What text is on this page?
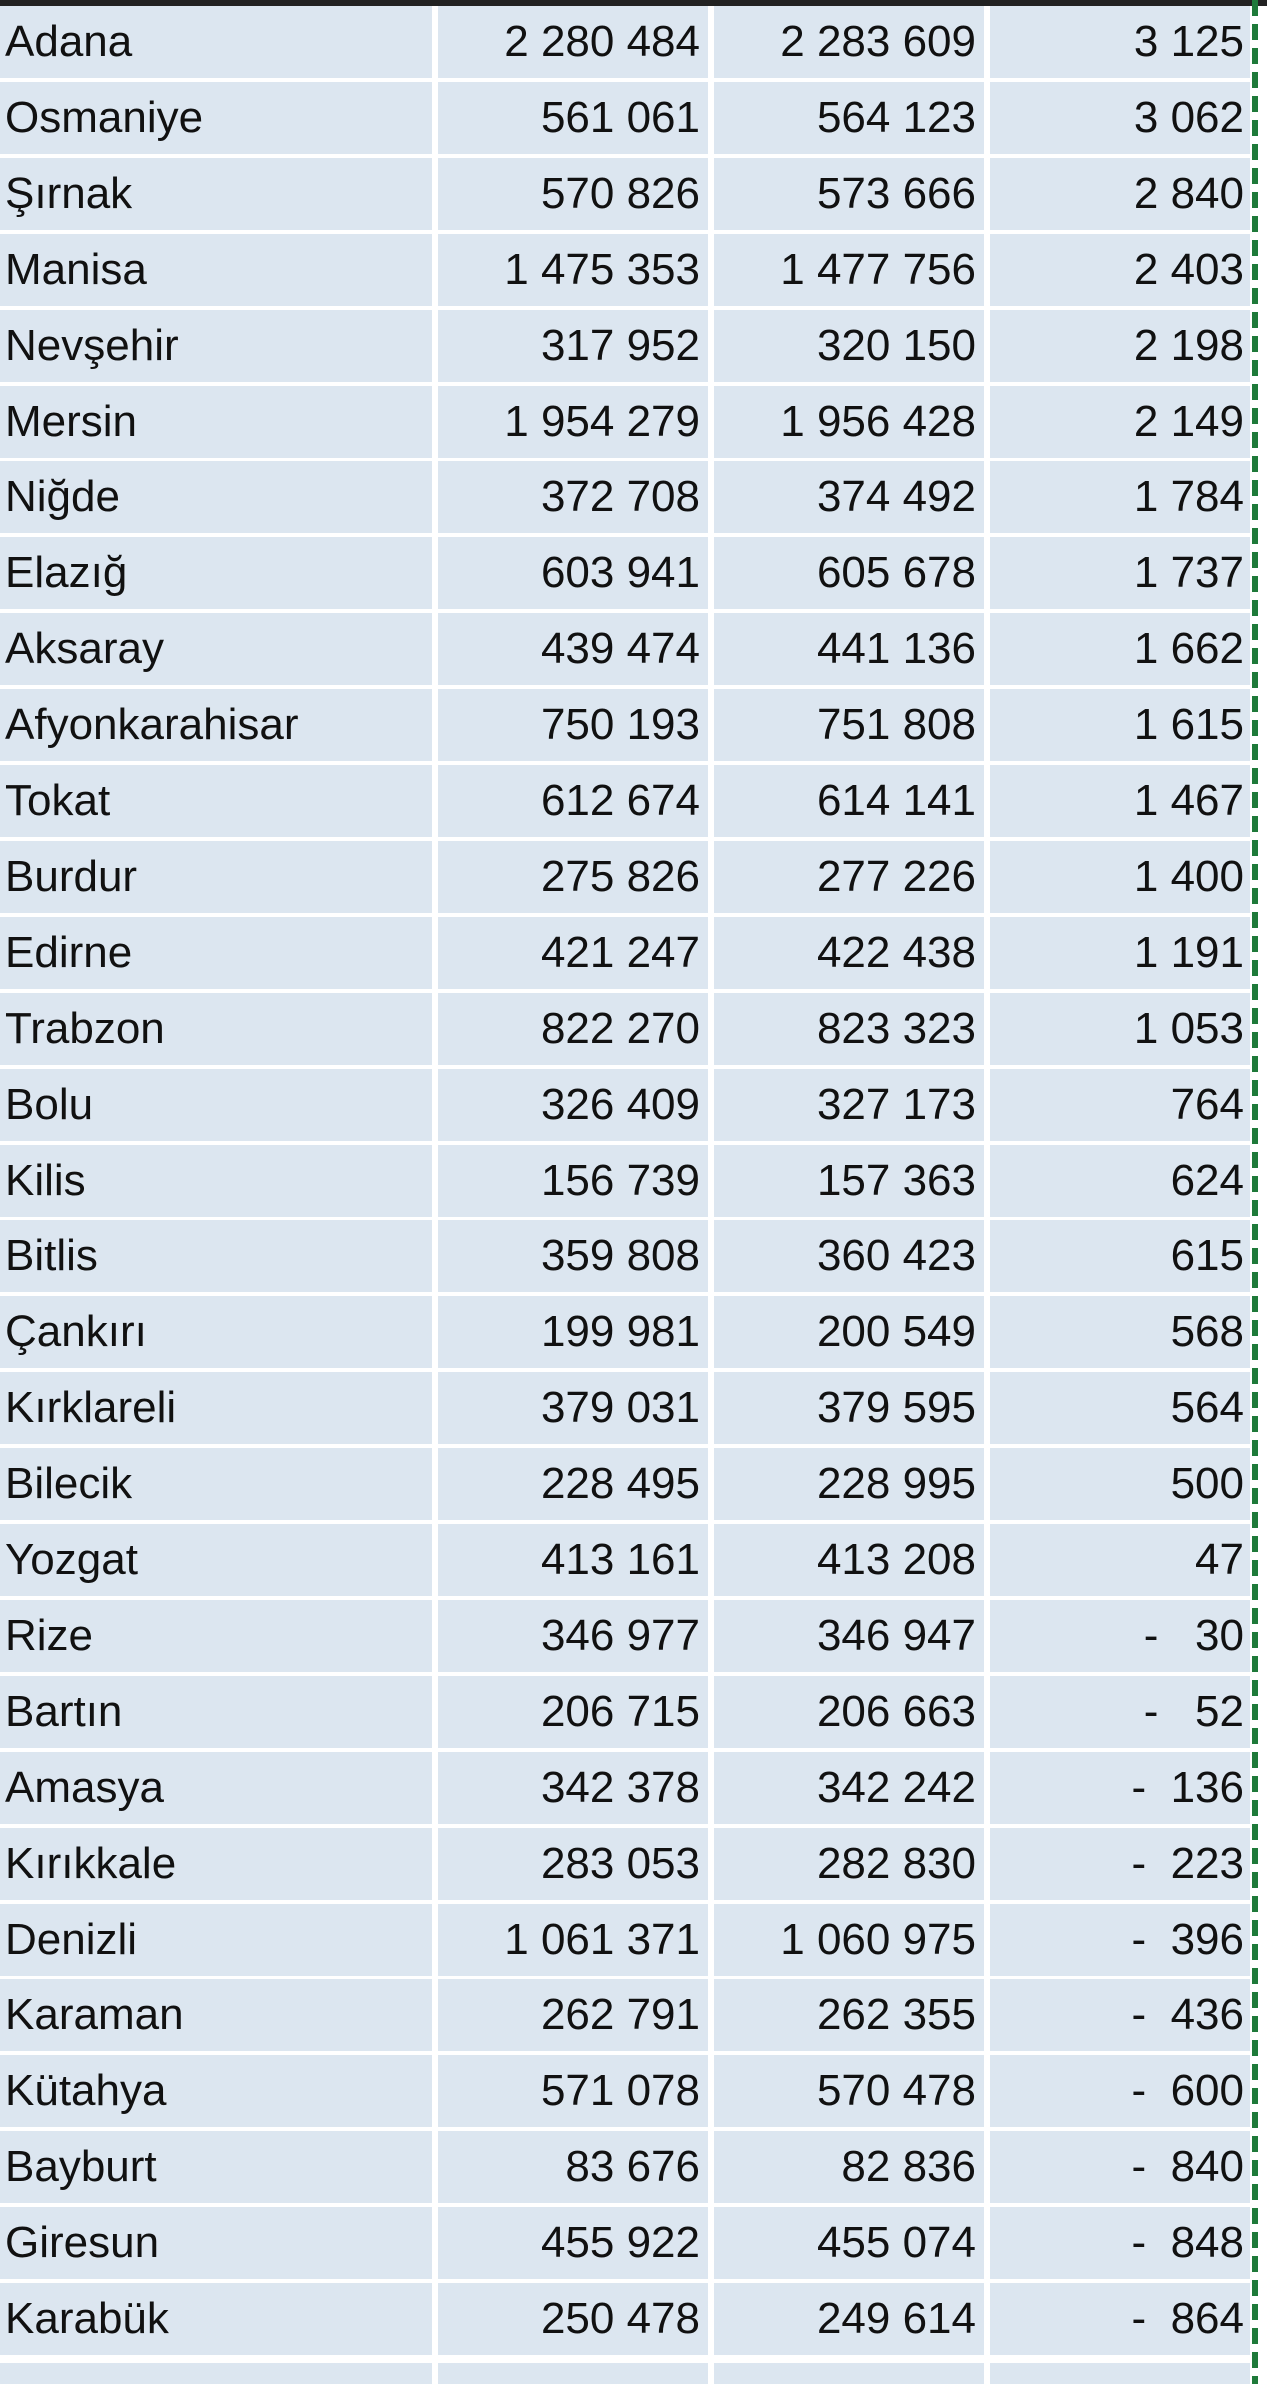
Adana	2 280 484	2 283 609	3 125
Osmaniye	561 061	564 123	3 062
Şırnak	570 826	573 666	2 840
Manisa	1 475 353	1 477 756	2 403
Nevşehir	317 952	320 150	2 198
Mersin	1 954 279	1 956 428	2 149
Niğde	372 708	374 492	1 784
Elazığ	603 941	605 678	1 737
Aksaray	439 474	441 136	1 662
Afyonkarahisar	750 193	751 808	1 615
Tokat	612 674	614 141	1 467
Burdur	275 826	277 226	1 400
Edirne	421 247	422 438	1 191
Trabzon	822 270	823 323	1 053
Bolu	326 409	327 173	764
Kilis	156 739	157 363	624
Bitlis	359 808	360 423	615
Çankırı	199 981	200 549	568
Kırklareli	379 031	379 595	564
Bilecik	228 495	228 995	500
Yozgat	413 161	413 208	47
Rize	346 977	346 947	-   30
Bartın	206 715	206 663	-   52
Amasya	342 378	342 242	-  136
Kırıkkale	283 053	282 830	-  223
Denizli	1 061 371	1 060 975	-  396
Karaman	262 791	262 355	-  436
Kütahya	571 078	570 478	-  600
Bayburt	83 676	82 836	-  840
Giresun	455 922	455 074	-  848
Karabük	250 478	249 614	-  864
